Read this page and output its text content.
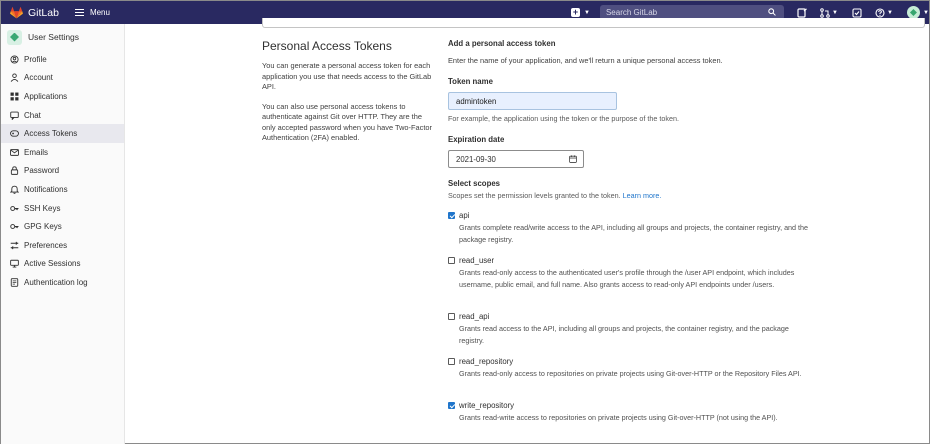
GitLab	Menu	+ ▼
Search GitLab	▼	▼	▼
User Settings
Profile
Account
Applications
Chat
Access Tokens
Emails
Password
Notifications
SSH Keys
GPG Keys
Preferences
Active Sessions
Authentication log
Personal Access Tokens

You can generate a personal access token for each application you use that needs access to the GitLab API.

You can also use personal access tokens to authenticate against Git over HTTP. They are the only accepted password when you have Two-Factor Authentication (2FA) enabled.

Add a personal access token
Enter the name of your application, and we'll return a unique personal access token.
Token name
admintoken
For example, the application using the token or the purpose of the token.
Expiration date
2021-09-30
Select scopes
Scopes set the permission levels granted to the token. Learn more.
api
Grants complete read/write access to the API, including all groups and projects, the container registry, and the package registry.
read_user
Grants read-only access to the authenticated user's profile through the /user API endpoint, which includes username, public email, and full name. Also grants access to read-only API endpoints under /users.
read_api
Grants read access to the API, including all groups and projects, the container registry, and the package registry.
read_repository
Grants read-only access to repositories on private projects using Git-over-HTTP or the Repository Files API.
write_repository
Grants read-write access to repositories on private projects using Git-over-HTTP (not using the API).
